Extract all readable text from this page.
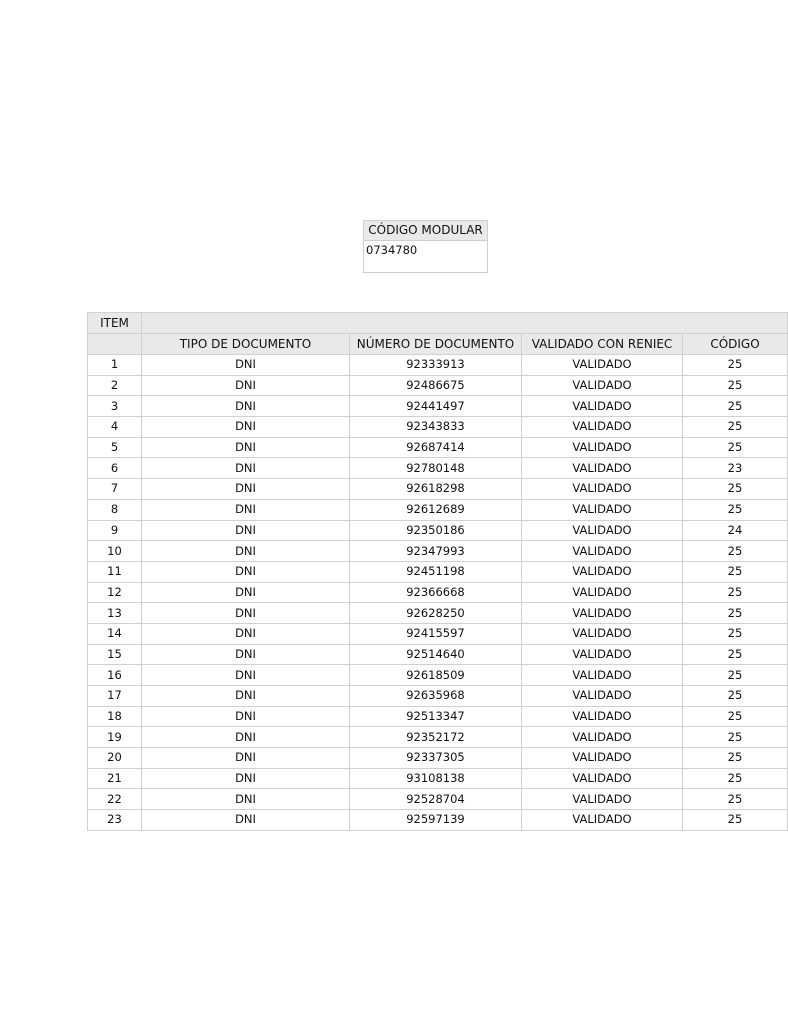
CÓDIGO MODULAR
0734780
ITEM				
	TIPO DE DOCUMENTO	NÚMERO DE DOCUMENTO	VALIDADO CON RENIEC	CÓDIGO
1	DNI	92333913	VALIDADO	25
2	DNI	92486675	VALIDADO	25
3	DNI	92441497	VALIDADO	25
4	DNI	92343833	VALIDADO	25
5	DNI	92687414	VALIDADO	25
6	DNI	92780148	VALIDADO	23
7	DNI	92618298	VALIDADO	25
8	DNI	92612689	VALIDADO	25
9	DNI	92350186	VALIDADO	24
10	DNI	92347993	VALIDADO	25
11	DNI	92451198	VALIDADO	25
12	DNI	92366668	VALIDADO	25
13	DNI	92628250	VALIDADO	25
14	DNI	92415597	VALIDADO	25
15	DNI	92514640	VALIDADO	25
16	DNI	92618509	VALIDADO	25
17	DNI	92635968	VALIDADO	25
18	DNI	92513347	VALIDADO	25
19	DNI	92352172	VALIDADO	25
20	DNI	92337305	VALIDADO	25
21	DNI	93108138	VALIDADO	25
22	DNI	92528704	VALIDADO	25
23	DNI	92597139	VALIDADO	25
